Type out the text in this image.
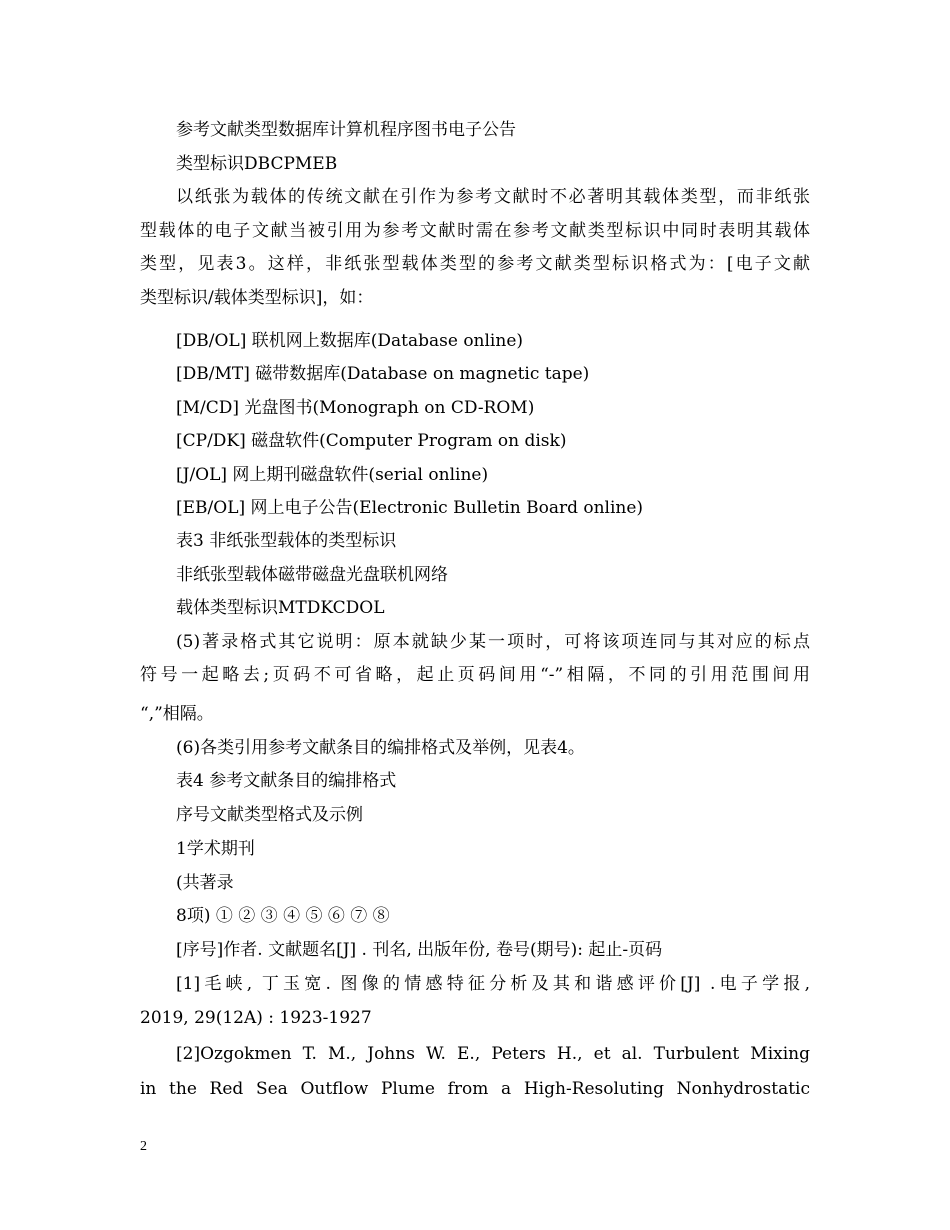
参考文献类型数据库计算机程序图书电子公告
类型标识DBCPMEB
以纸张为载体的传统文献在引作为参考文献时不必著明其载体类型，而非纸张
型载体的电子文献当被引用为参考文献时需在参考文献类型标识中同时表明其载体
类型，见表3。这样，非纸张型载体类型的参考文献类型标识格式为：[电子文献
类型标识/载体类型标识]，如：
[DB/OL] 联机网上数据库(Database online)
[DB/MT] 磁带数据库(Database on magnetic tape)
[M/CD] 光盘图书(Monograph on CD-ROM)
[CP/DK] 磁盘软件(Computer Program on disk)
[J/OL] 网上期刊磁盘软件(serial online)
[EB/OL] 网上电子公告(Electronic Bulletin Board online)
表3 非纸张型载体的类型标识
非纸张型载体磁带磁盘光盘联机网络
载体类型标识MTDKCDOL
(5)著录格式其它说明：原本就缺少某一项时，可将该项连同与其对应的标点
符号一起略去;页码不可省略，起止页码间用“-”相隔，不同的引用范围间用
“,”相隔。
(6)各类引用参考文献条目的编排格式及举例，见表4。
表4 参考文献条目的编排格式
序号文献类型格式及示例
1学术期刊
(共著录
8项) ① ② ③ ④ ⑤ ⑥ ⑦ ⑧
[序号]作者. 文献题名[J] . 刊名, 出版年份, 卷号(期号): 起止-页码
[1]毛峡, 丁玉宽. 图像的情感特征分析及其和谐感评价[J] .电子学报,
2019, 29(12A) : 1923-1927
[2]Ozgokmen T. M., Johns W. E., Peters H., et al. Turbulent Mixing
in the Red Sea Outflow Plume from a High-Resoluting Nonhydrostatic
2
